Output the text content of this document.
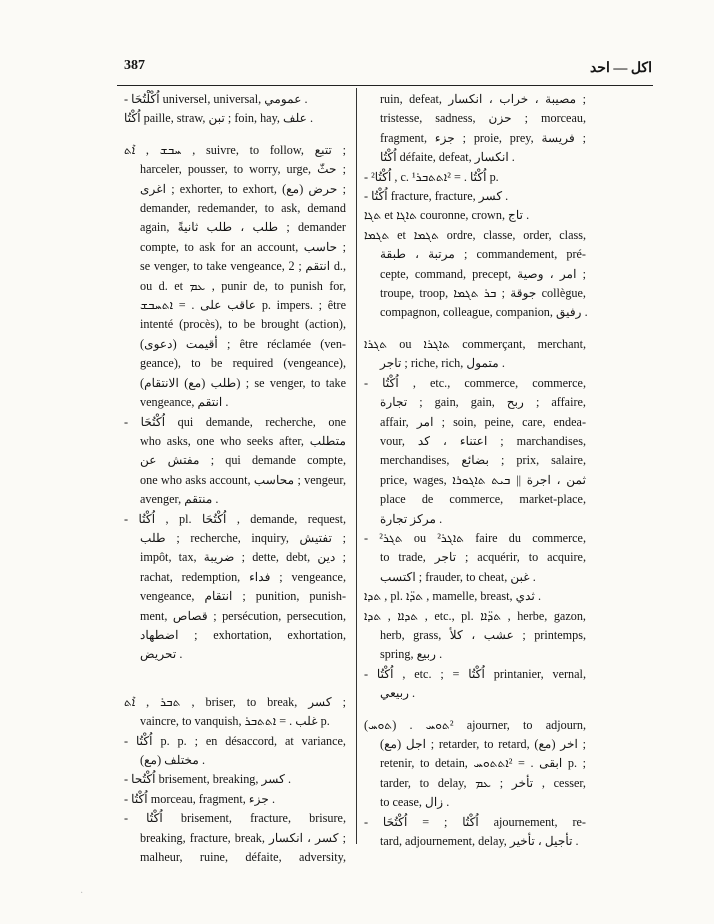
387	اكل — احد
- اُكْلْتُحَا universel, universal, عمومي .
اُكْتُا paille, straw, تبن ; foin, hay, علف .
ܚܒܫ , ܐܶܬ , suivre, to follow, تتبع ;
harceler, pousser, to worry, urge, حثّ ;
اغرى ; exhorter, to exhort, حرض (مع) ;
demander, redemander, to ask, demand
again, طلب ، طلب ثانيةً ; demander
compte, to ask for an account, حاسب ;
se venger, to take vengeance, انتقم ; 2 d.,
ou d. et ܥܡ , punir de, to punish for,
عاقب على . = ܐܬܚܒܫ p. impers. ; être
intenté (procès), to be brought (action),
(دعوى) أقيمت ; être réclamée (ven-
geance), to be required (vengeance),
(طلب (مع) الانتقام) ; se venger, to take
vengeance, انتقم .
- اُكْتُحَا qui demande, recherche, one
who asks, one who seeks after, متطلب
مفتش عن ; qui demande compte,
one who asks account, محاسب ; vengeur,
avenger, منتقم .
- اُكْتُا , pl. اُكْتُحَا , demande, request,
طلب ; recherche, inquiry, تفتيش ;
impôt, tax, ضريبة ; dette, debt, دين ;
rachat, redemption, فداء ; vengeance,
vengeance, انتقام ; punition, punish-
ment, قصاص ; persécution, persecution,
اضطهاد ; exhortation, exhortation,
تحريض .
ܬܒܪ , ܐܶܬ , briser, to break, كسر ;
vaincre, to vanquish, غلب . = ܐܬܬܒܪ p.
- اُكْتُا p. p. ; en désaccord, at variance,
مختلف (مع) .
- اُكْتُحا brisement, breaking, كسر .
- اُكْتُا morceau, fragment, جزء .
- اُكْتُا brisement, fracture, brisure,
breaking, fracture, break, كسر ، انكسار ;
malheur, ruine, défaite, adversity,
ruin, defeat, مصيبة ، خراب ، انكسار ;
tristesse, sadness, حزن ; morceau,
fragment, جزء ; proie, prey, فريسة ;
اُكْتُا défaite, defeat, انكسار .
- ²اُكْتُا , c. ¹اُكْتُا . = ²ܐܬܬܒܪ p.
- اُكْتُا fracture, fracture, كسر .
ܬܓܐ et ܬܐܓܐ couronne, crown, تاج .
ܬܓܡܐ et ܬܓܡܐ ordre, classe, order, class,
مرتبة ، طبقة ; commandement, pré-
cepte, command, precept, امر ، وصية ;
troupe, troop, جوقة ; ܒܪ ܬܓܡܐ collègue,
compagnon, colleague, companion, رفيق .
ܬܓܪܐ ou ܬܐܓܪܐ commerçant, merchant,
تاجر ; riche, rich, متمول .
- اُكْتُا , etc., commerce, commerce,
تجارة ; gain, gain, ربح ; affaire,
affair, امر ; soin, peine, care, endea-
vour, اعتناء ، كد ; marchandises,
merchandises, بضائع ; prix, salaire,
price, wages, ثمن ، اجرة || ܒܝܬ ܬܐܓܘܪܐ
place de commerce, market-place,
مركز تجارة .
- ²ܬܓܪ ou ²ܬܐܓܪ faire du commerce,
to trade, تاجر ; acquérir, to acquire,
اكتسب ; frauder, to cheat, غبن .
ܬܕܐ , pl. ܬܕ̈ܐ , mamelle, breast, ثدي .
ܬܕܐܐ , ܬܕܐ , etc., pl. ܬܕ̈ܐܐ , herbe, gazon,
herb, grass, عشب ، كلأ ; printemps,
spring, ربيع .
- اُكْتُا , etc. ; = اُكْتُا printanier, vernal,
ربيعي .
(ܬܘܚ) . ²ܬܘܚ ajourner, to adjourn,
(مع) اجل ; retarder, to retard, (مع) اخر ;
retenir, to detain, ابقى . = ²ܐܬܬܘܚ p. ;
tarder, to delay, تأخر ; ܥܡ , cesser,
to cease, زال .
- اُكْتُا ; = اُكْتُحَا ajournement, re-
tard, adjournement, delay, تأجيل ، تأخير .
·
